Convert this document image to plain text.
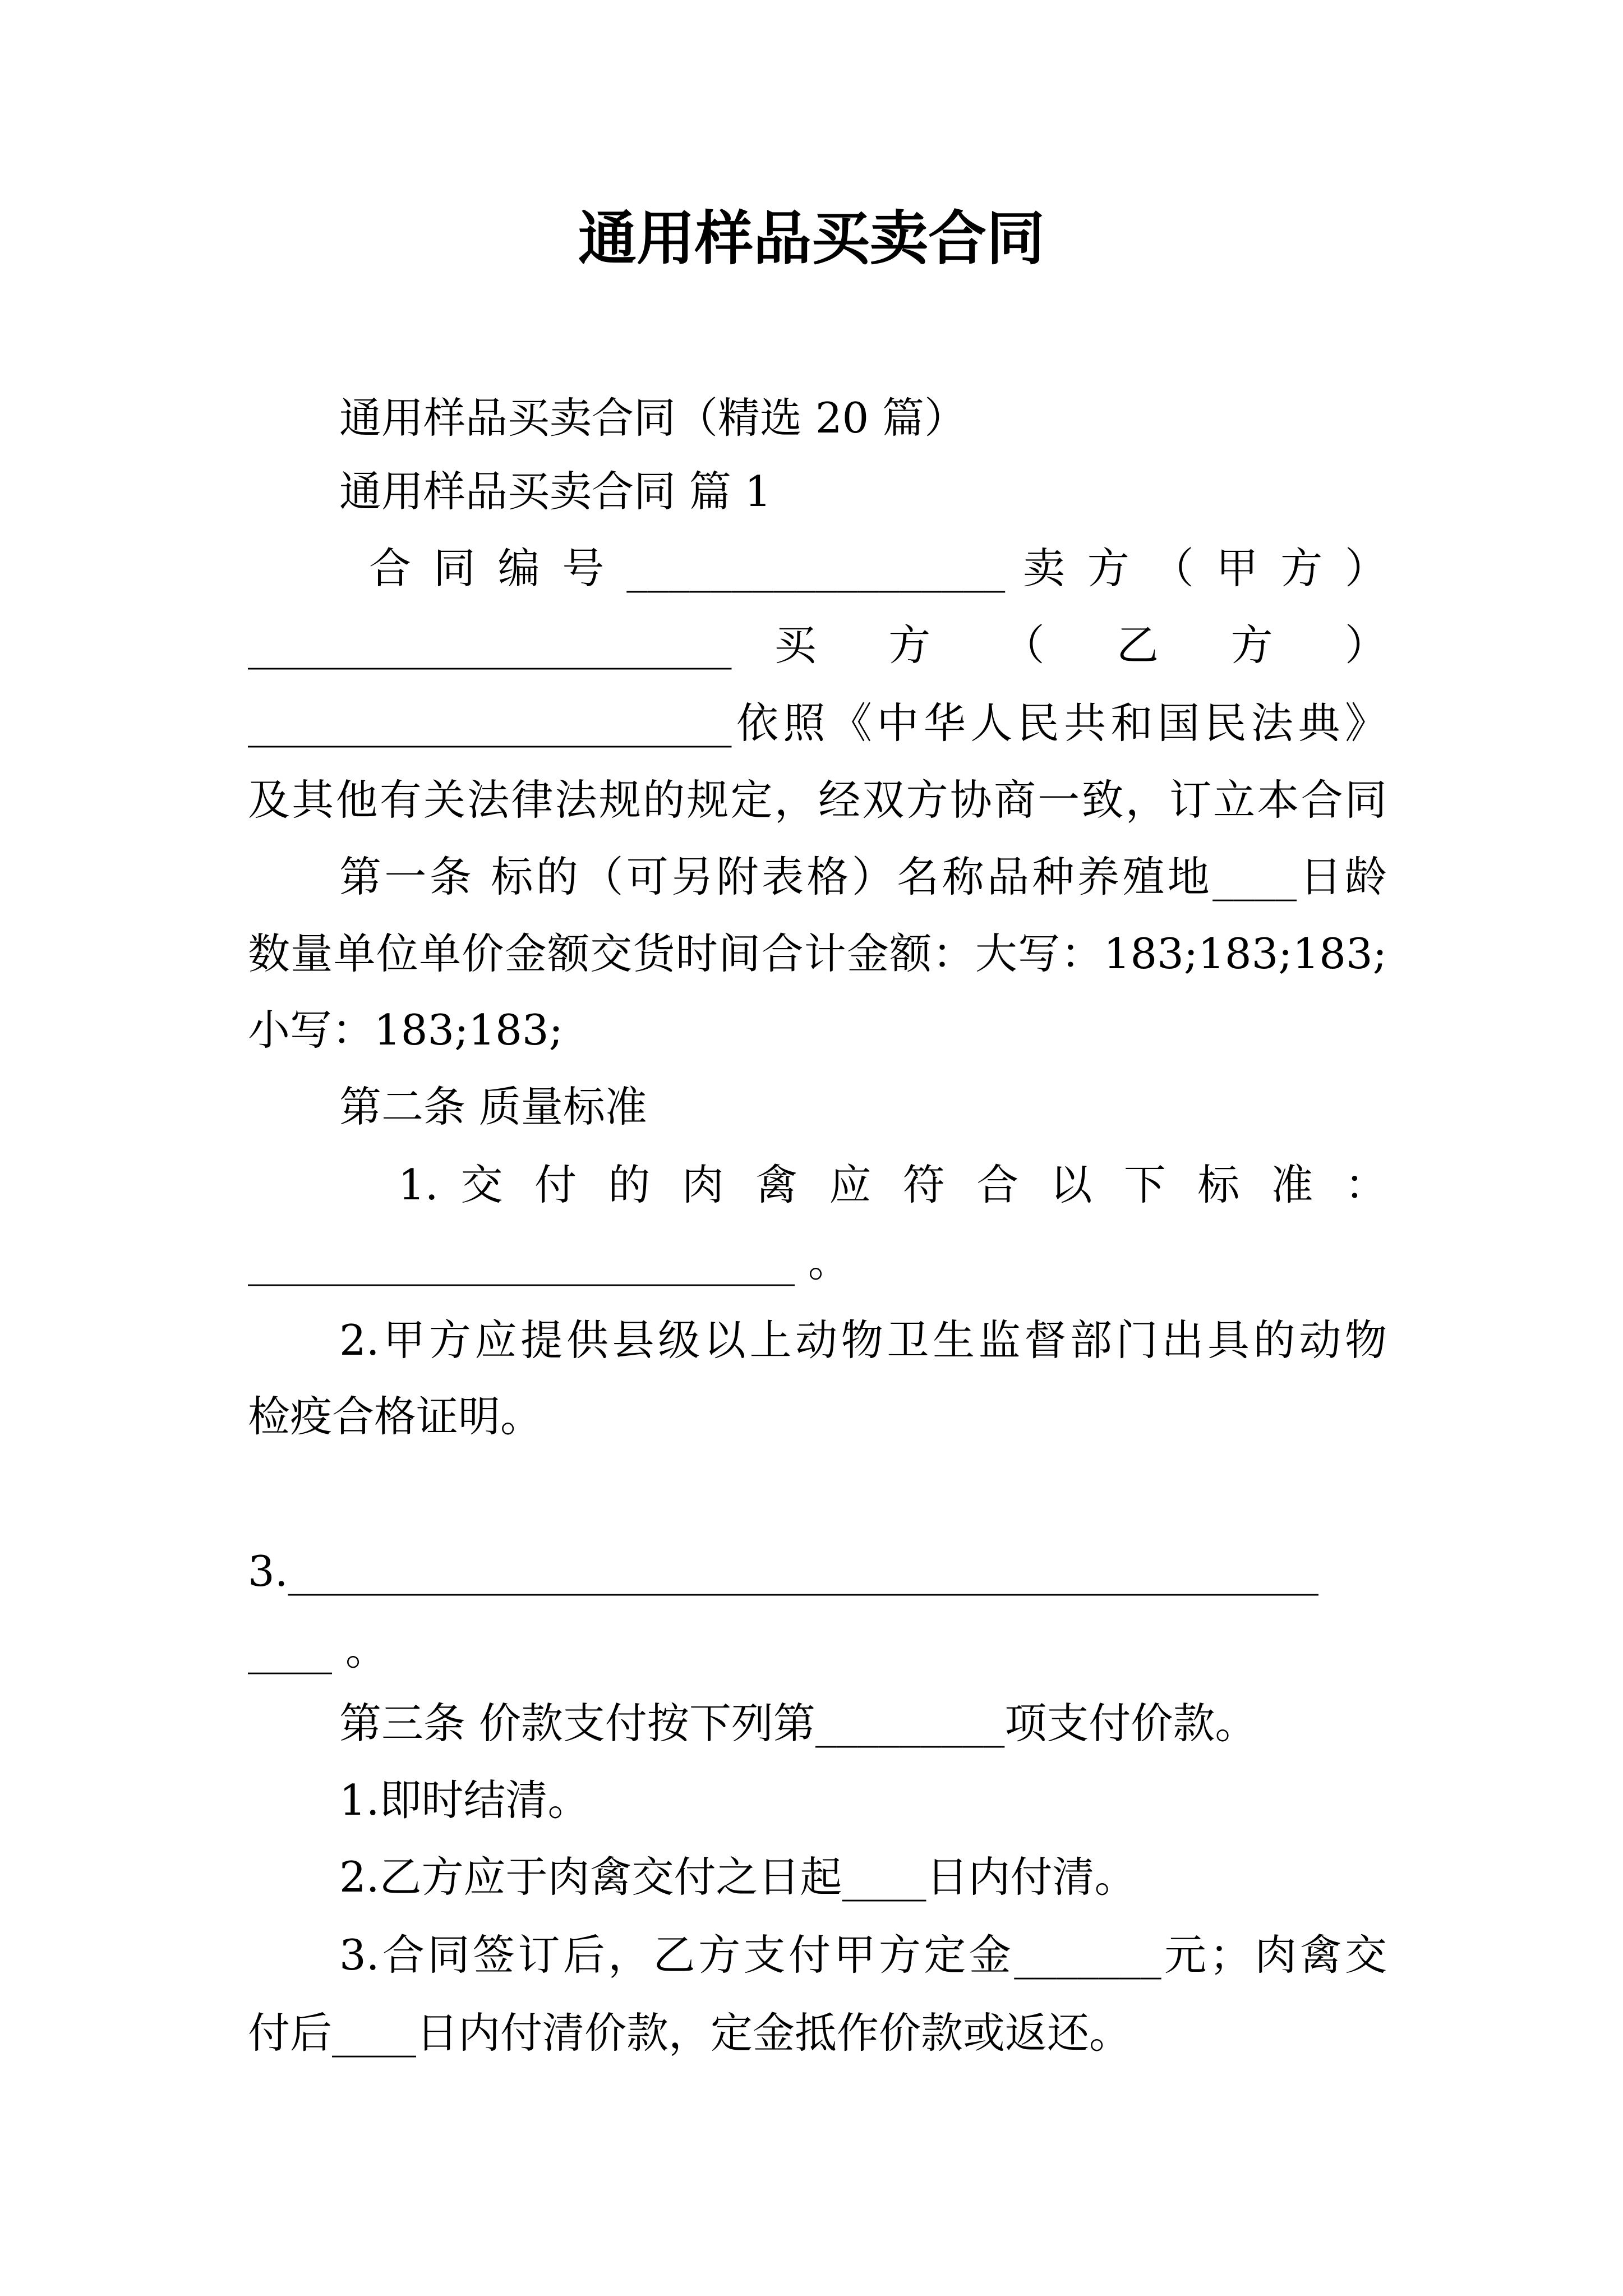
通用样品买卖合同
通用样品买卖合同（精选 20 篇）
通用样品买卖合同 篇 1
合 同 编 号 __________________ 卖 方 （ 甲 方 ）
_______________________ 买 方 （ 乙 方 ）
_______________________依照《中华人民共和国民法典》
及其他有关法律法规的规定，经双方协商一致，订立本合同
第一条 标的（可另附表格）名称品种养殖地____日龄
数量单位单价金额交货时间合计金额：大写：183;183;183;
小写：183;183;
第二条 质量标准
1. 交 付 的 肉 禽 应 符 合 以 下 标 准 ：
__________________________ 。
2.甲方应提供县级以上动物卫生监督部门出具的动物
检疫合格证明。
3._________________________________________________
____ 。
第三条 价款支付按下列第_________项支付价款。
1.即时结清。
2.乙方应于肉禽交付之日起____日内付清。
3.合同签订后，乙方支付甲方定金_______元；肉禽交
付后____日内付清价款，定金抵作价款或返还。
